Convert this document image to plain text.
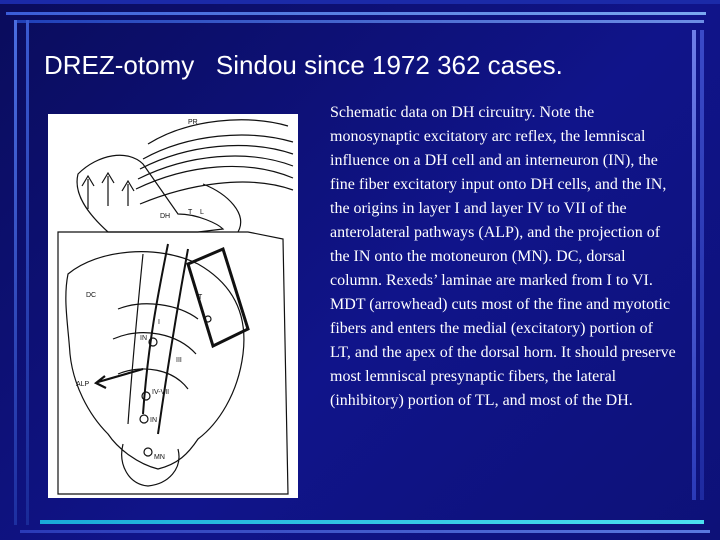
DREZ-otomy   Sindou since 1972 362 cases.
PR
DH
T L
T
DC
I
IN
III
ALP
IV-VII
IN
MN
Schematic data on DH circuitry. Note the monosynaptic excitatory arc reflex, the lemniscal influence on a DH cell and an interneuron (IN), the fine fiber excitatory input onto DH cells, and the IN, the origins in layer I and layer IV to VII of the anterolateral pathways (ALP), and the projection of the IN onto the motoneuron (MN). DC, dorsal column. Rexeds’ laminae are marked from I to VI. MDT (arrowhead) cuts most of the fine and myototic fibers and enters the medial (excitatory) portion of LT, and the apex of the dorsal horn. It should preserve most lemniscal presynaptic fibers, the lateral (inhibitory) portion of TL, and most of the DH.
